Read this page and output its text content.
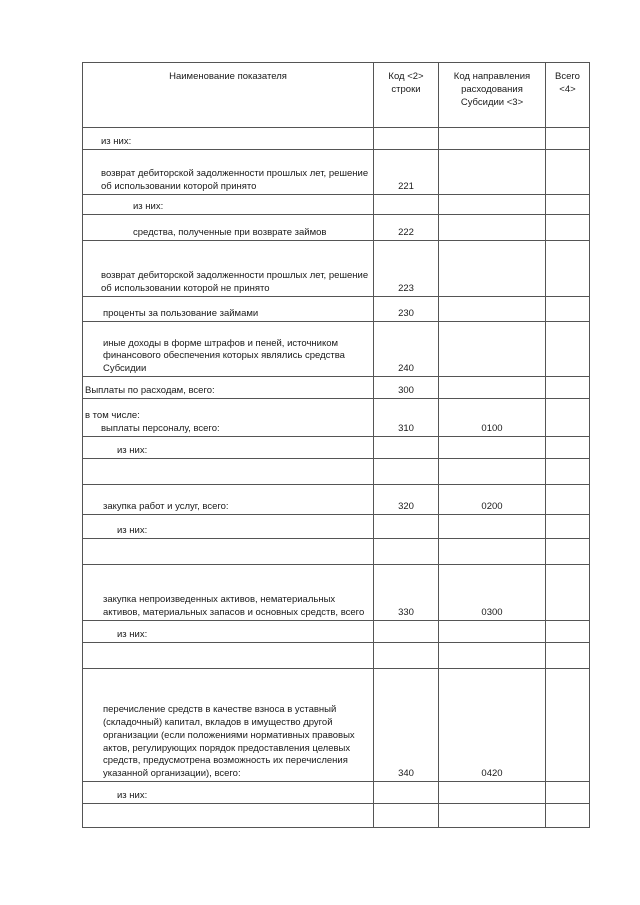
Наименование показателя	Код <2> строки	Код направления расходования Субсидии <3>	Всего <4>
из них:			
возврат дебиторской задолженности прошлых лет, решение об использовании которой принято	221		
из них:			
средства, полученные при возврате займов	222		
возврат дебиторской задолженности прошлых лет, решение об использовании которой не принято	223		
проценты за пользование займами	230		
иные доходы в форме штрафов и пеней, источником финансового обеспечения которых являлись средства Субсидии	240		
Выплаты по расходам, всего:	300		

в том числе:
выплаты персоналу, всего:	310	0100	
из них:			

закупка работ и услуг, всего:	320	0200	
из них:			

закупка непроизведенных активов, нематериальных активов, материальных запасов и основных средств, всего	330	0300	
из них:			

перечисление средств в качестве взноса в уставный (складочный) капитал, вкладов в имущество другой организации (если положениями нормативных правовых актов, регулирующих порядок предоставления целевых средств, предусмотрена возможность их перечисления указанной организации), всего:	340	0420	
из них:			
